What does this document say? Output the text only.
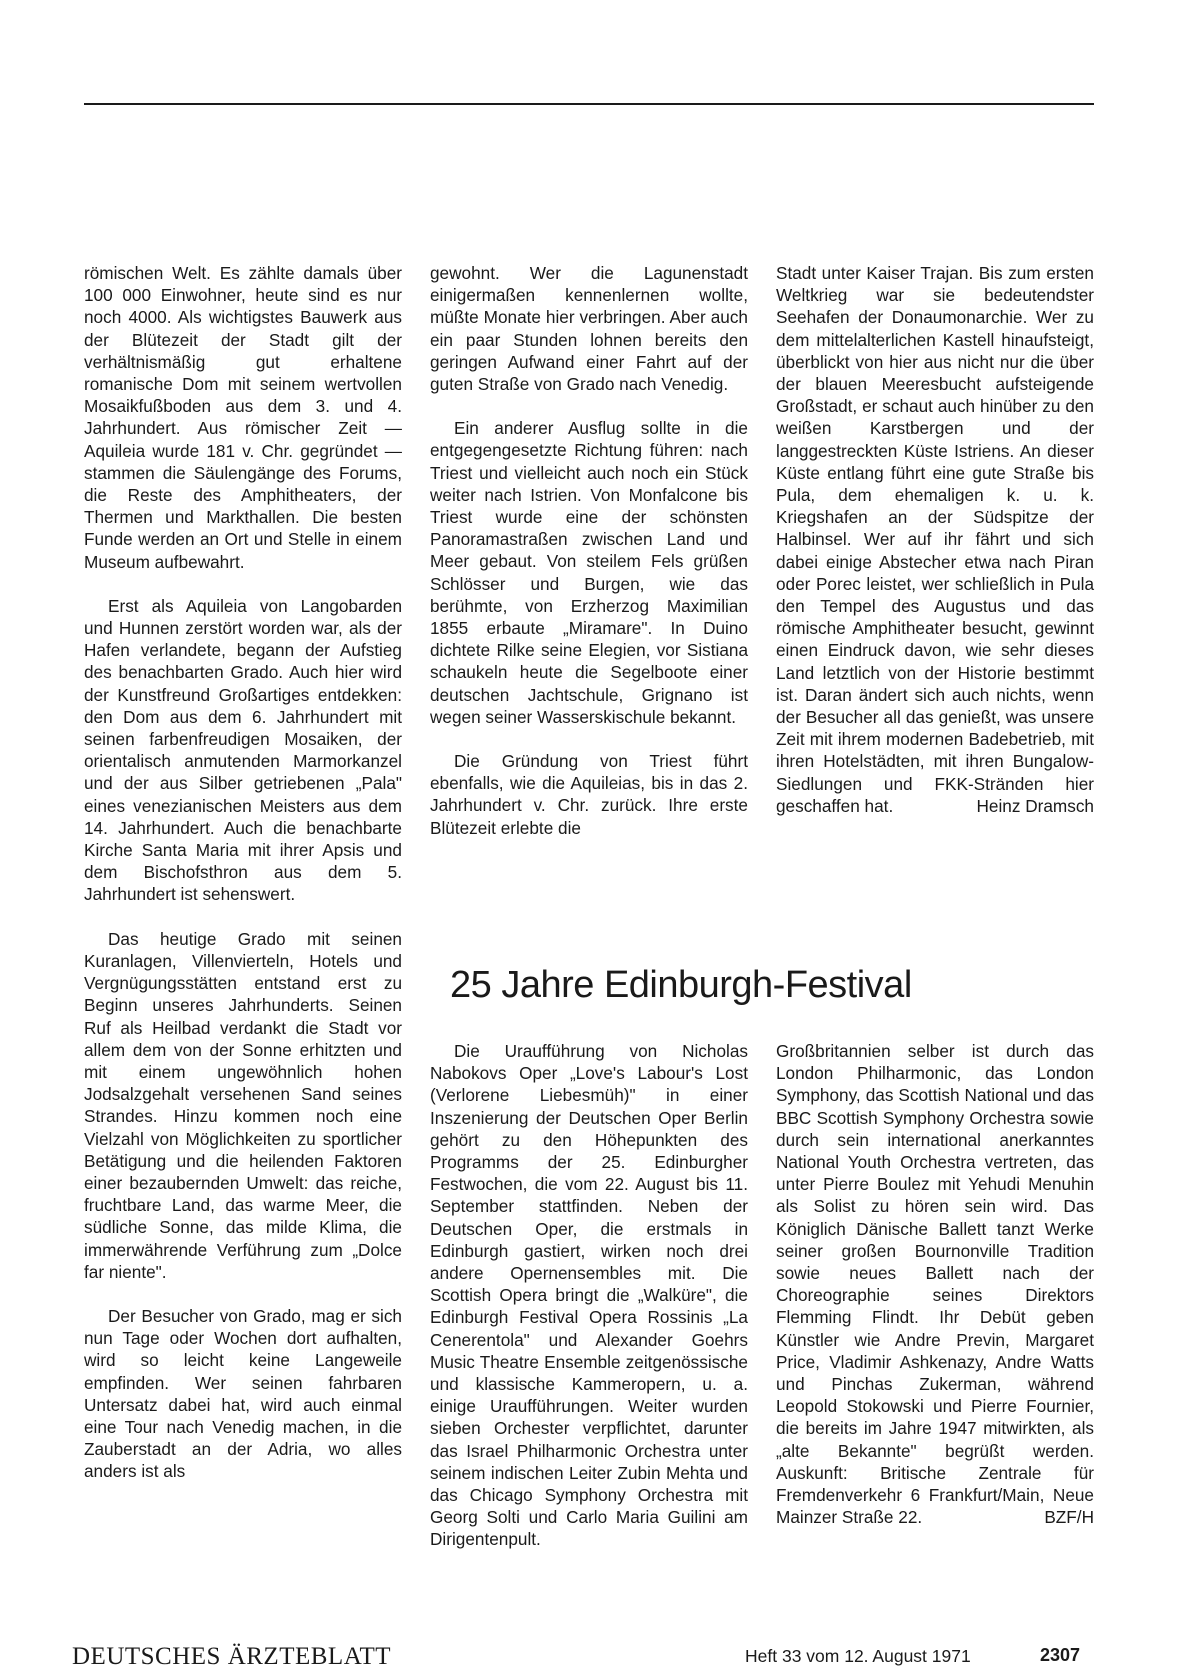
römischen Welt. Es zählte damals über 100 000 Einwohner, heute sind es nur noch 4000. Als wichtigstes Bauwerk aus der Blütezeit der Stadt gilt der verhältnismäßig gut erhaltene romanische Dom mit seinem wertvollen Mosaikfußboden aus dem 3. und 4. Jahrhundert. Aus römischer Zeit — Aquileia wurde 181 v. Chr. gegründet — stammen die Säulengänge des Forums, die Reste des Amphitheaters, der Thermen und Markthallen. Die besten Funde werden an Ort und Stelle in einem Museum aufbewahrt.

Erst als Aquileia von Langobarden und Hunnen zerstört worden war, als der Hafen verlandete, begann der Aufstieg des benachbarten Grado. Auch hier wird der Kunstfreund Großartiges entdekken: den Dom aus dem 6. Jahrhundert mit seinen farbenfreudigen Mosaiken, der orientalisch anmutenden Marmorkanzel und der aus Silber getriebenen „Pala" eines venezianischen Meisters aus dem 14. Jahrhundert. Auch die benachbarte Kirche Santa Maria mit ihrer Apsis und dem Bischofsthron aus dem 5. Jahrhundert ist sehenswert.

Das heutige Grado mit seinen Kuranlagen, Villenvierteln, Hotels und Vergnügungsstätten entstand erst zu Beginn unseres Jahrhunderts. Seinen Ruf als Heilbad verdankt die Stadt vor allem dem von der Sonne erhitzten und mit einem ungewöhnlich hohen Jodsalzgehalt versehenen Sand seines Strandes. Hinzu kommen noch eine Vielzahl von Möglichkeiten zu sportlicher Betätigung und die heilenden Faktoren einer bezaubernden Umwelt: das reiche, fruchtbare Land, das warme Meer, die südliche Sonne, das milde Klima, die immerwährende Verführung zum „Dolce far niente".

Der Besucher von Grado, mag er sich nun Tage oder Wochen dort aufhalten, wird so leicht keine Langeweile empfinden. Wer seinen fahrbaren Untersatz dabei hat, wird auch einmal eine Tour nach Venedig machen, in die Zauberstadt an der Adria, wo alles anders ist als

gewohnt. Wer die Lagunenstadt einigermaßen kennenlernen wollte, müßte Monate hier verbringen. Aber auch ein paar Stunden lohnen bereits den geringen Aufwand einer Fahrt auf der guten Straße von Grado nach Venedig.

Ein anderer Ausflug sollte in die entgegengesetzte Richtung führen: nach Triest und vielleicht auch noch ein Stück weiter nach Istrien. Von Monfalcone bis Triest wurde eine der schönsten Panoramastraßen zwischen Land und Meer gebaut. Von steilem Fels grüßen Schlösser und Burgen, wie das berühmte, von Erzherzog Maximilian 1855 erbaute „Miramare". In Duino dichtete Rilke seine Elegien, vor Sistiana schaukeln heute die Segelboote einer deutschen Jachtschule, Grignano ist wegen seiner Wasserskischule bekannt.

Die Gründung von Triest führt ebenfalls, wie die Aquileias, bis in das 2. Jahrhundert v. Chr. zurück. Ihre erste Blütezeit erlebte die

Stadt unter Kaiser Trajan. Bis zum ersten Weltkrieg war sie bedeutendster Seehafen der Donaumonarchie. Wer zu dem mittelalterlichen Kastell hinaufsteigt, überblickt von hier aus nicht nur die über der blauen Meeresbucht aufsteigende Großstadt, er schaut auch hinüber zu den weißen Karstbergen und der langgestreckten Küste Istriens. An dieser Küste entlang führt eine gute Straße bis Pula, dem ehemaligen k. u. k. Kriegshafen an der Südspitze der Halbinsel. Wer auf ihr fährt und sich dabei einige Abstecher etwa nach Piran oder Porec leistet, wer schließlich in Pula den Tempel des Augustus und das römische Amphitheater besucht, gewinnt einen Eindruck davon, wie sehr dieses Land letztlich von der Historie bestimmt ist. Daran ändert sich auch nichts, wenn der Besucher all das genießt, was unsere Zeit mit ihrem modernen Badebetrieb, mit ihren Hotelstädten, mit ihren Bungalow-Siedlungen und FKK-Stränden hier geschaffen hat.	Heinz Dramsch
25 Jahre Edinburgh-Festival

Die Uraufführung von Nicholas Nabokovs Oper „Love's Labour's Lost (Verlorene Liebesmüh)" in einer Inszenierung der Deutschen Oper Berlin gehört zu den Höhepunkten des Programms der 25. Edinburgher Festwochen, die vom 22. August bis 11. September stattfinden. Neben der Deutschen Oper, die erstmals in Edinburgh gastiert, wirken noch drei andere Opernensembles mit. Die Scottish Opera bringt die „Walküre", die Edinburgh Festival Opera Rossinis „La Cenerentola" und Alexander Goehrs Music Theatre Ensemble zeitgenössische und klassische Kammeropern, u. a. einige Uraufführungen. Weiter wurden sieben Orchester verpflichtet, darunter das Israel Philharmonic Orchestra unter seinem indischen Leiter Zubin Mehta und das Chicago Symphony Orchestra mit Georg Solti und Carlo Maria Guilini am Dirigentenpult.

Großbritannien selber ist durch das London Philharmonic, das London Symphony, das Scottish National und das BBC Scottish Symphony Orchestra sowie durch sein international anerkanntes National Youth Orchestra vertreten, das unter Pierre Boulez mit Yehudi Menuhin als Solist zu hören sein wird. Das Königlich Dänische Ballett tanzt Werke seiner großen Bournonville Tradition sowie neues Ballett nach der Choreographie seines Direktors Flemming Flindt. Ihr Debüt geben Künstler wie Andre Previn, Margaret Price, Vladimir Ashkenazy, Andre Watts und Pinchas Zukerman, während Leopold Stokowski und Pierre Fournier, die bereits im Jahre 1947 mitwirkten, als „alte Bekannte" begrüßt werden. Auskunft: Britische Zentrale für Fremdenverkehr 6 Frankfurt/Main, Neue Mainzer Straße 22.	BZF/H
DEUTSCHES ÄRZTEBLATT	Heft 33 vom 12. August 1971	2307
